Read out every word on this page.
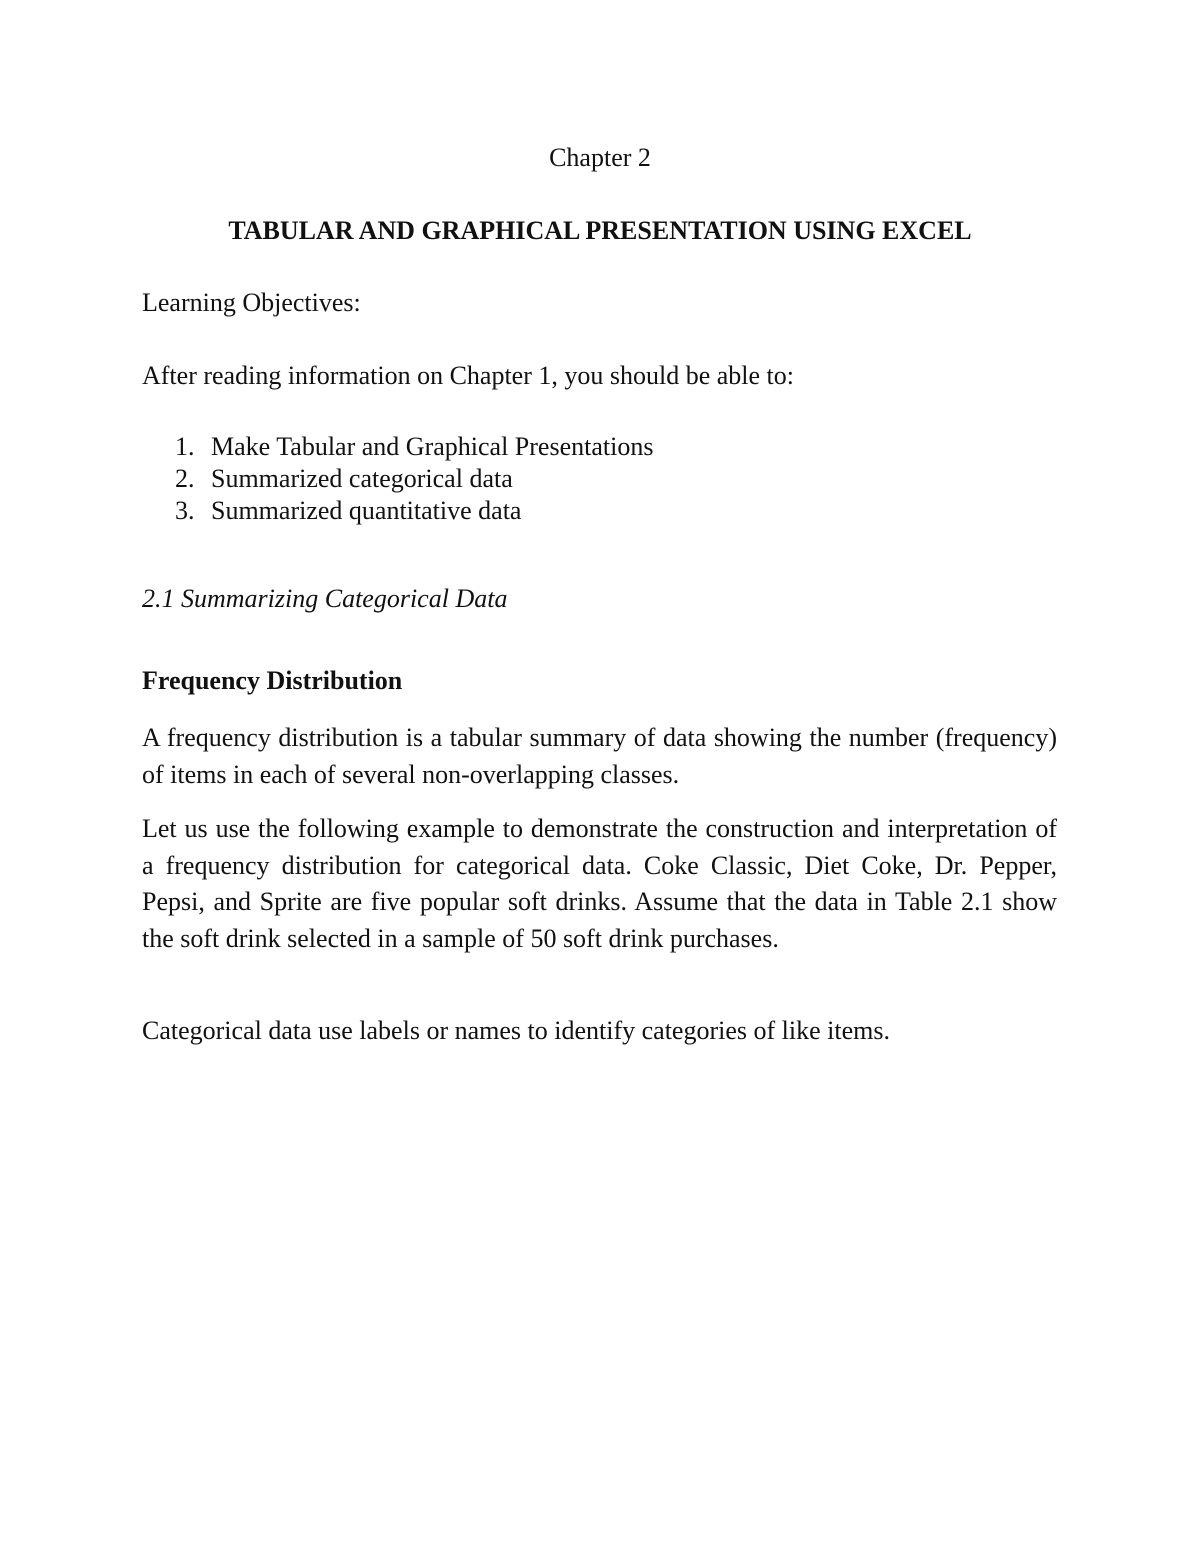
Chapter 2
TABULAR AND GRAPHICAL PRESENTATION USING EXCEL
Learning Objectives:
After reading information on Chapter 1, you should be able to:
1. Make Tabular and Graphical Presentations
2. Summarized categorical data
3. Summarized quantitative data
2.1 Summarizing Categorical Data
Frequency Distribution

A frequency distribution is a tabular summary of data showing the number (frequency) of items in each of several non-overlapping classes.

Let us use the following example to demonstrate the construction and interpretation of a frequency distribution for categorical data. Coke Classic, Diet Coke, Dr. Pepper, Pepsi, and Sprite are five popular soft drinks. Assume that the data in Table 2.1 show the soft drink selected in a sample of 50 soft drink purchases.

Categorical data use labels or names to identify categories of like items.
